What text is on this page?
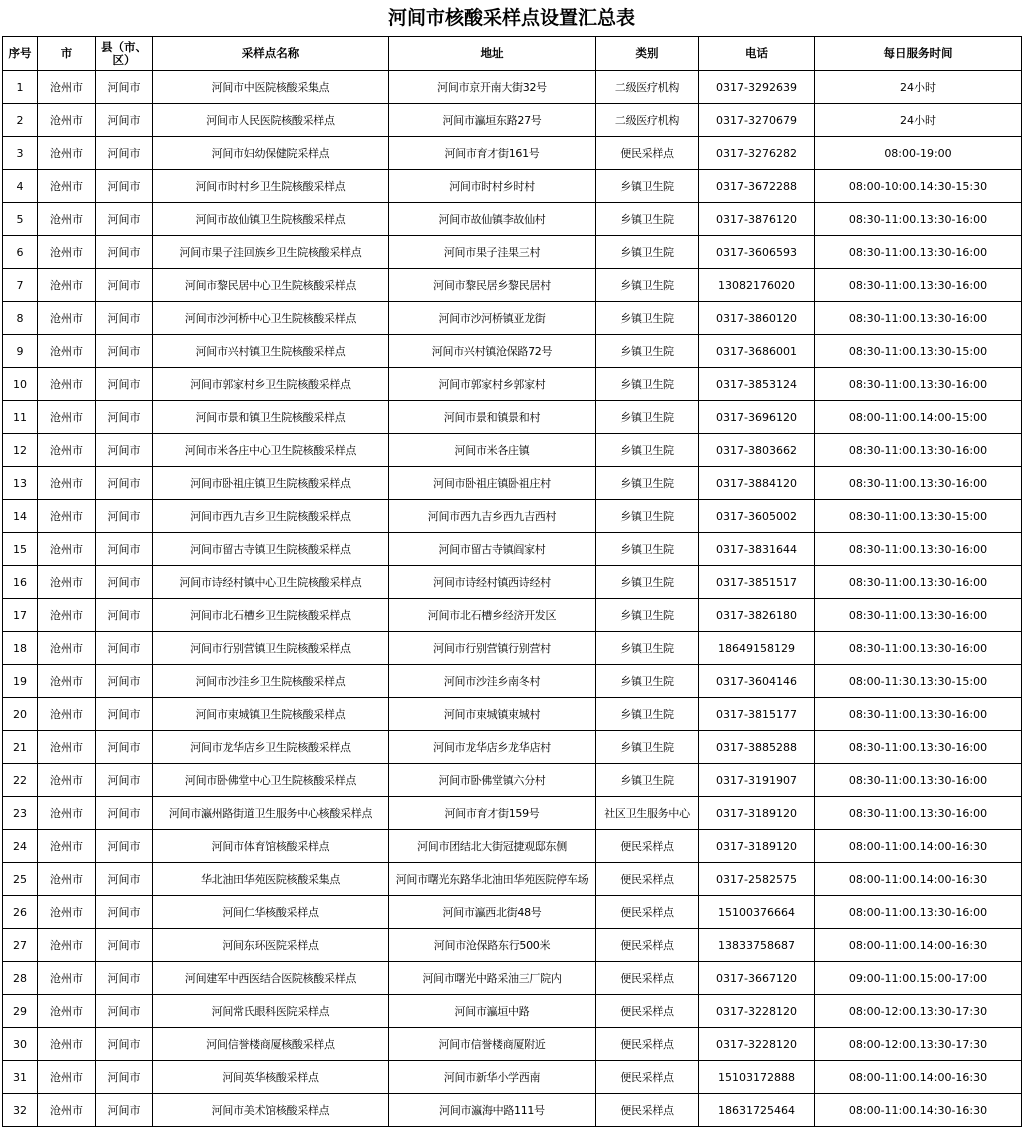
河间市核酸采样点设置汇总表
序号	市	县（市、区）	采样点名称	地址	类别	电话	每日服务时间
1	沧州市	河间市	河间市中医院核酸采集点	河间市京开南大街32号	二级医疗机构	0317-3292639	24小时
2	沧州市	河间市	河间市人民医院核酸采样点	河间市瀛垣东路27号	二级医疗机构	0317-3270679	24小时
3	沧州市	河间市	河间市妇幼保健院采样点	河间市育才街161号	便民采样点	0317-3276282	08:00-19:00
4	沧州市	河间市	河间市时村乡卫生院核酸采样点	河间市时村乡时村	乡镇卫生院	0317-3672288	08:00-10:00.14:30-15:30
5	沧州市	河间市	河间市故仙镇卫生院核酸采样点	河间市故仙镇李故仙村	乡镇卫生院	0317-3876120	08:30-11:00.13:30-16:00
6	沧州市	河间市	河间市果子洼回族乡卫生院核酸采样点	河间市果子洼果三村	乡镇卫生院	0317-3606593	08:30-11:00.13:30-16:00
7	沧州市	河间市	河间市黎民居中心卫生院核酸采样点	河间市黎民居乡黎民居村	乡镇卫生院	13082176020	08:30-11:00.13:30-16:00
8	沧州市	河间市	河间市沙河桥中心卫生院核酸采样点	河间市沙河桥镇亚龙街	乡镇卫生院	0317-3860120	08:30-11:00.13:30-16:00
9	沧州市	河间市	河间市兴村镇卫生院核酸采样点	河间市兴村镇沧保路72号	乡镇卫生院	0317-3686001	08:30-11:00.13:30-15:00
10	沧州市	河间市	河间市郭家村乡卫生院核酸采样点	河间市郭家村乡郭家村	乡镇卫生院	0317-3853124	08:30-11:00.13:30-16:00
11	沧州市	河间市	河间市景和镇卫生院核酸采样点	河间市景和镇景和村	乡镇卫生院	0317-3696120	08:00-11:00.14:00-15:00
12	沧州市	河间市	河间市米各庄中心卫生院核酸采样点	河间市米各庄镇	乡镇卫生院	0317-3803662	08:30-11:00.13:30-16:00
13	沧州市	河间市	河间市卧祖庄镇卫生院核酸采样点	河间市卧祖庄镇卧祖庄村	乡镇卫生院	0317-3884120	08:30-11:00.13:30-16:00
14	沧州市	河间市	河间市西九吉乡卫生院核酸采样点	河间市西九吉乡西九吉西村	乡镇卫生院	0317-3605002	08:30-11:00.13:30-15:00
15	沧州市	河间市	河间市留古寺镇卫生院核酸采样点	河间市留古寺镇阎家村	乡镇卫生院	0317-3831644	08:30-11:00.13:30-16:00
16	沧州市	河间市	河间市诗经村镇中心卫生院核酸采样点	河间市诗经村镇西诗经村	乡镇卫生院	0317-3851517	08:30-11:00.13:30-16:00
17	沧州市	河间市	河间市北石槽乡卫生院核酸采样点	河间市北石槽乡经济开发区	乡镇卫生院	0317-3826180	08:30-11:00.13:30-16:00
18	沧州市	河间市	河间市行别营镇卫生院核酸采样点	河间市行别营镇行别营村	乡镇卫生院	18649158129	08:30-11:00.13:30-16:00
19	沧州市	河间市	河间市沙洼乡卫生院核酸采样点	河间市沙洼乡南冬村	乡镇卫生院	0317-3604146	08:00-11:30.13:30-15:00
20	沧州市	河间市	河间市束城镇卫生院核酸采样点	河间市束城镇束城村	乡镇卫生院	0317-3815177	08:30-11:00.13:30-16:00
21	沧州市	河间市	河间市龙华店乡卫生院核酸采样点	河间市龙华店乡龙华店村	乡镇卫生院	0317-3885288	08:30-11:00.13:30-16:00
22	沧州市	河间市	河间市卧佛堂中心卫生院核酸采样点	河间市卧佛堂镇六分村	乡镇卫生院	0317-3191907	08:30-11:00.13:30-16:00
23	沧州市	河间市	河间市瀛州路街道卫生服务中心核酸采样点	河间市育才街159号	社区卫生服务中心	0317-3189120	08:30-11:00.13:30-16:00
24	沧州市	河间市	河间市体育馆核酸采样点	河间市团结北大街冠捷观邸东侧	便民采样点	0317-3189120	08:00-11:00.14:00-16:30
25	沧州市	河间市	华北油田华苑医院核酸采集点	河间市曙光东路华北油田华苑医院停车场	便民采样点	0317-2582575	08:00-11:00.14:00-16:30
26	沧州市	河间市	河间仁华核酸采样点	河间市瀛西北街48号	便民采样点	15100376664	08:00-11:00.13:30-16:00
27	沧州市	河间市	河间东环医院采样点	河间市沧保路东行500米	便民采样点	13833758687	08:00-11:00.14:00-16:30
28	沧州市	河间市	河间建军中西医结合医院核酸采样点	河间市曙光中路采油三厂院内	便民采样点	0317-3667120	09:00-11:00.15:00-17:00
29	沧州市	河间市	河间常氏眼科医院采样点	河间市瀛垣中路	便民采样点	0317-3228120	08:00-12:00.13:30-17:30
30	沧州市	河间市	河间信誉楼商厦核酸采样点	河间市信誉楼商厦附近	便民采样点	0317-3228120	08:00-12:00.13:30-17:30
31	沧州市	河间市	河间英华核酸采样点	河间市新华小学西南	便民采样点	15103172888	08:00-11:00.14:00-16:30
32	沧州市	河间市	河间市美术馆核酸采样点	河间市瀛海中路111号	便民采样点	18631725464	08:00-11:00.14:30-16:30
